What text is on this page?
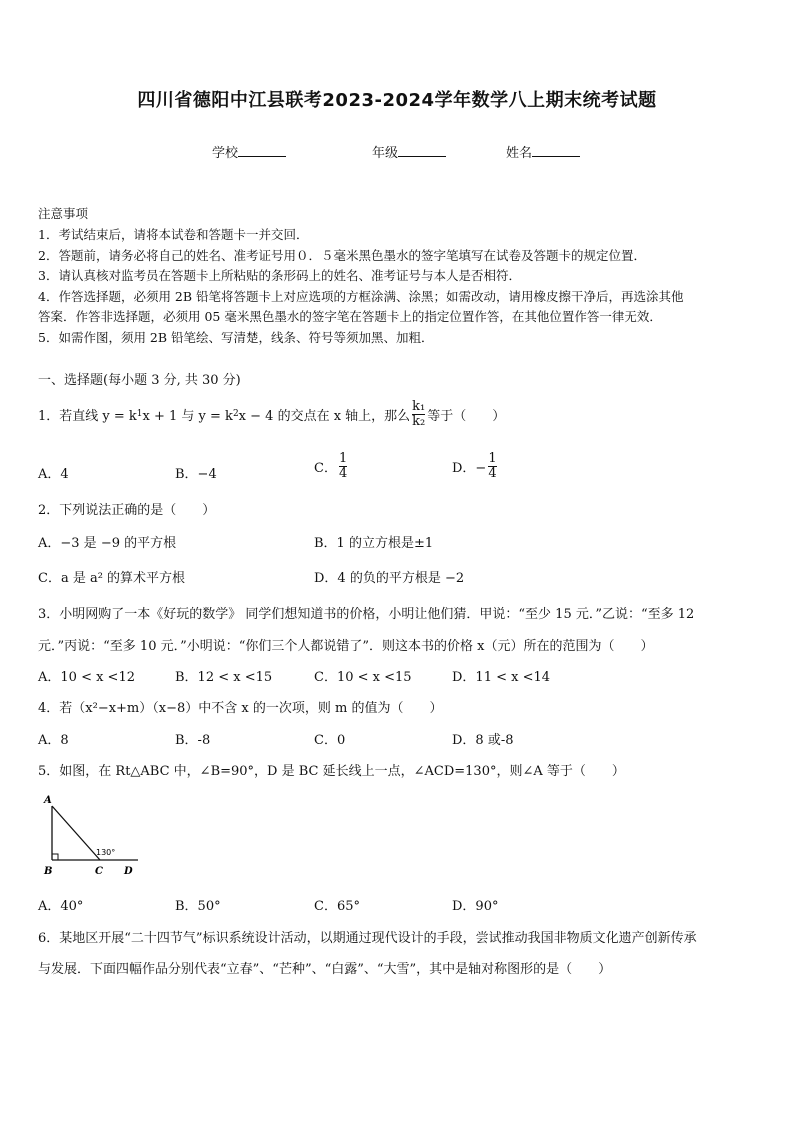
四川省德阳中江县联考2023-2024学年数学八上期末统考试题
学校	年级	姓名
注意事项
1．考试结束后，请将本试卷和答题卡一并交回．
2．答题前，请务必将自己的姓名、准考证号用０．５毫米黑色墨水的签字笔填写在试卷及答题卡的规定位置．
3．请认真核对监考员在答题卡上所粘贴的条形码上的姓名、准考证号与本人是否相符．
4．作答选择题，必须用 2B 铅笔将答题卡上对应选项的方框涂满、涂黑；如需改动，请用橡皮擦干净后，再选涂其他
答案．作答非选择题，必须用 05 毫米黑色墨水的签字笔在答题卡上的指定位置作答，在其他位置作答一律无效．
5．如需作图，须用 2B 铅笔绘、写清楚，线条、符号等须加黑、加粗．
一、选择题(每小题 3 分, 共 30 分)
1．若直线 y = k 1 x + 1 与 y = k 2 x − 4 的交点在 x 轴上，那么 $\frac{\text{k₁}}{\text{k₂}}$ 等于（　　）
A．4	B．−4	C． $\frac{1}{4}$	D．− $\frac{1}{4}$
2．下列说法正确的是（　　）
A．−3 是 −9 的平方根	B．1 的立方根是±1
C．a 是 a² 的算术平方根	D．4 的负的平方根是 −2
3．小明网购了一本《好玩的数学》 同学们想知道书的价格，小明让他们猜．甲说：“至少 15 元．”乙说：“至多 12
元．”丙说：“至多 10 元．”小明说：“你们三个人都说错了”．则这本书的价格 x（元）所在的范围为（　　）
A．10 < x <12	B．12 < x <15	C．10 < x <15	D．11 < x <14
4．若（x²−x+m）（x−8）中不含 x 的一次项，则 m 的值为（　　）
A．8	B．-8	C．0	D．8 或-8
5．如图，在 Rt△ABC 中，∠B=90°，D 是 BC 延长线上一点，∠ACD=130°，则∠A 等于（　　）
A
B	C D
130°
A．40°	B．50°	C．65°	D．90°
6．某地区开展“二十四节气”标识系统设计活动，以期通过现代设计的手段，尝试推动我国非物质文化遗产创新传承
与发展．下面四幅作品分别代表“立春”、“芒种”、“白露”、“大雪”，其中是轴对称图形的是（　　）
